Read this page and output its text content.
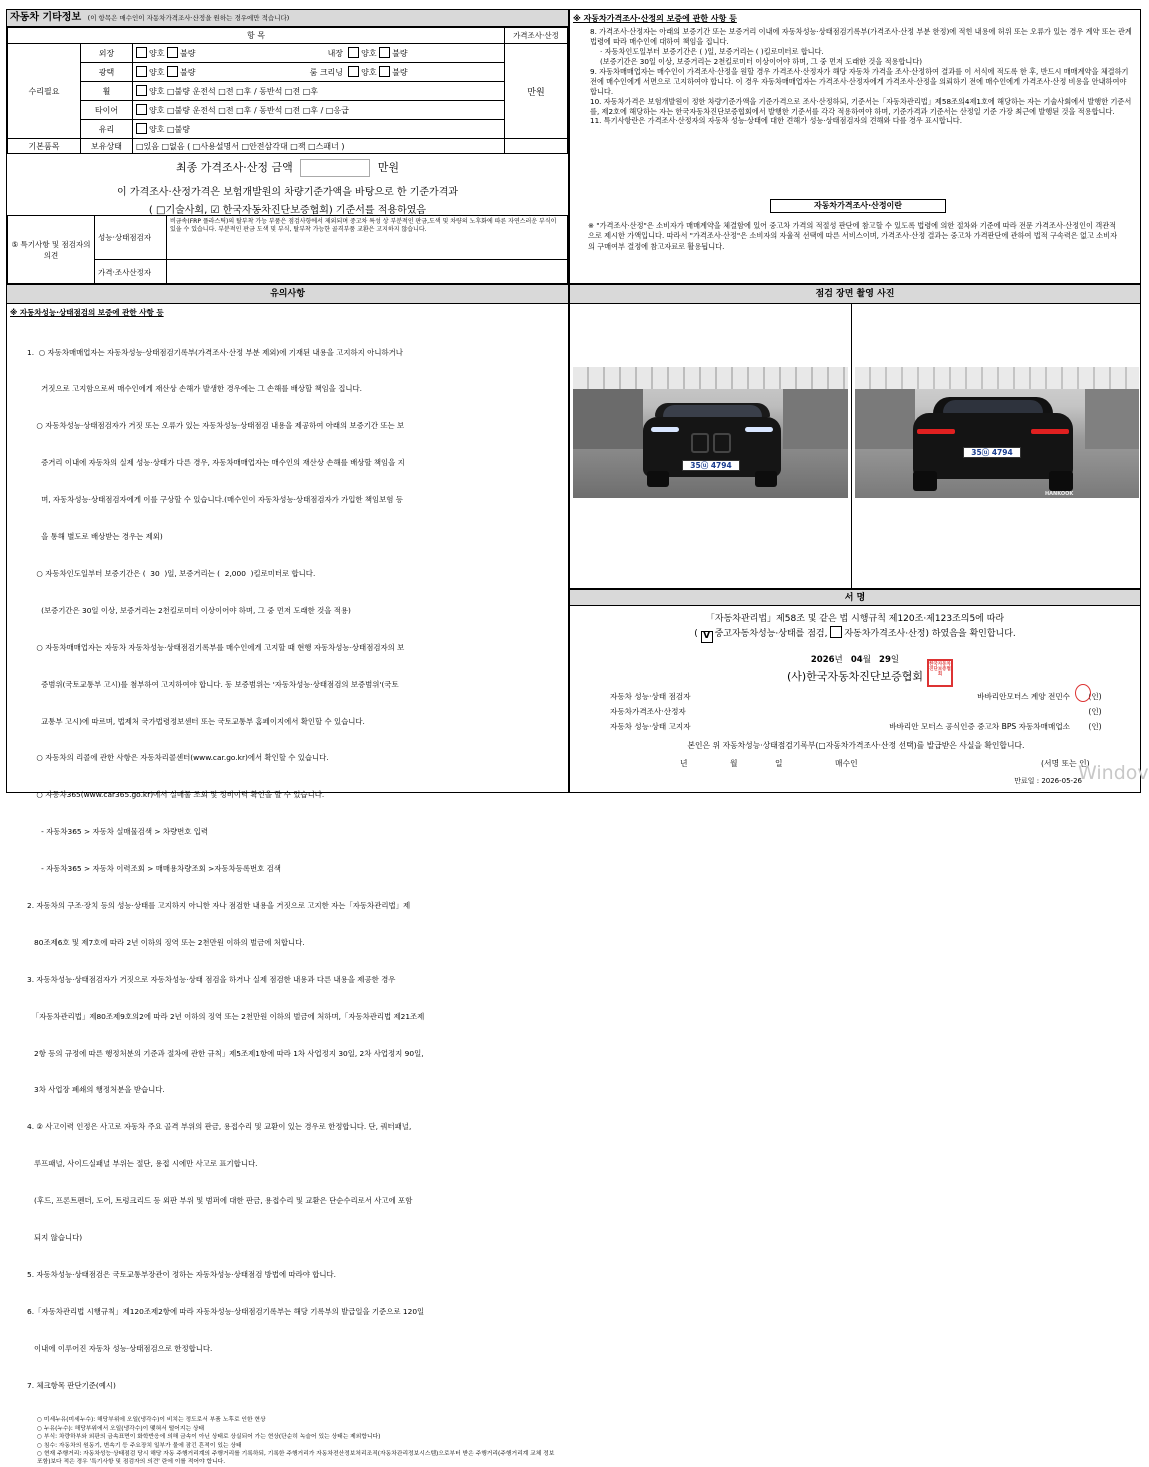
자동차 기타정보 (이 항목은 매수인이 자동차가격조사·산정을 원하는 경우에만 적습니다)
항 목			가격조사·산정
수리필요	외장	양호 불량 내장 양호 불량	만원
	광택	양호 불량 룸 크리닝 양호 불량	
	휠	양호 □불량 운전석 □전 □후 / 동반석 □전 □후	
	타이어	양호 □불량 운전석 □전 □후 / 동반석 □전 □후 / □응급	
	유리	양호 □불량	
기본품목	보유상태	□있음 □없음 ( □사용설명서 □안전삼각대 □잭 □스패너 )	
최종 가격조사·산정 금액	만원
이 가격조사·산정가격은 보험개발원의 차량기준가액을 바탕으로 한 기준가격과
( □기술사회, ☑ 한국자동차진단보증협회) 기준서를 적용하였음
⑤ 특기사항 및 점검자의 의견	성능·상태점검자	비금속(FRP 플라스틱)의 탈부착 가능 부품은 점검사항에서 제외되며 중고차 특성 상 부분적인 판금,도색 및 차량의 노후화에 따른 자연스러운 부식이 있을 수 있습니다. 부분적인 판금 도색 및 부식, 탈부착 가능한 골격부품 교환은 고지하지 않습니다.
	가격·조사산정자	
※ 자동차가격조사·산정의 보증에 관한 사항 등
8. 가격조사·산정자는 아래의 보증기간 또는 보증거리 이내에 자동차성능·상태점검기록부(가격조사·산정 부분 한정)에 적힌 내용에 허위 또는 오류가 있는 경우 계약 또는 관계법령에 따라 매수인에 대하여 책임을 집니다.
· 자동차인도일부터 보증기간은 ( )일, 보증거리는 ( )킬로미터로 합니다.
(보증기간은 30일 이상, 보증거리는 2천킬로미터 이상이어야 하며, 그 중 먼저 도래한 것을 적용합니다)
9. 자동차매매업자는 매수인이 가격조사·산정을 원할 경우 가격조사·산정자가 해당 자동차 가격을 조사·산정하여 결과를 이 서식에 적도록 한 후, 반드시 매매계약을 체결하기 전에 매수인에게 서면으로 고지하여야 합니다. 이 경우 자동차매매업자는 가격조사·산정자에게 가격조사·산정을 의뢰하기 전에 매수인에게 가격조사·산정 비용을 안내하여야 합니다.
10. 자동차가격은 보험개발원이 정한 차량기준가액을 기준가격으로 조사·산정하되, 기준서는「자동차관리법」제58조의4제1호에 해당하는 자는 기술사회에서 발행한 기준서를, 제2호에 해당하는 자는 한국자동차진단보증협회에서 발행한 기준서를 각각 적용하여야 하며, 기준가격과 기준서는 산정일 기준 가장 최근에 발행된 것을 적용합니다.
11. 특기사항란은 가격조사·산정자의 자동차 성능·상태에 대한 견해가 성능·상태점검자의 견해와 다를 경우 표시합니다.
자동차가격조사·산정이란
※ "가격조사·산정"은 소비자가 매매계약을 체결함에 있어 중고차 가격의 적절성 판단에 참고할 수 있도록 법령에 의한 절차와 기준에 따라 전문 가격조사·산정인이 객관적으로 제시한 가액입니다. 따라서 "가격조사·산정"은 소비자의 자율적 선택에 따른 서비스이며, 가격조사·산정 결과는 중고차 가격판단에 관하여 법적 구속력은 없고 소비자의 구매여부 결정에 참고자료로 활용됩니다.
유의사항
※ 자동차성능·상태점검의 보증에 관한 사항 등

1.  ○ 자동차매매업자는 자동차성능·상태점검기록부(가격조사·산정 부분 제외)에 기재된 내용을 고지하지 아니하거나

거짓으로 고지함으로써 매수인에게 재산상 손해가 발생한 경우에는 그 손해를 배상할 책임을 집니다.

○ 자동차성능·상태점검자가 거짓 또는 오류가 있는 자동차성능·상태점검 내용을 제공하여 아래의 보증기간 또는 보

증거리 이내에 자동차의 실제 성능·상태가 다른 경우, 자동차매매업자는 매수인의 재산상 손해를 배상할 책임을 지

며, 자동차성능·상태점검자에게 이를 구상할 수 있습니다.(매수인이 자동차성능·상태점검자가 가입한 책임보험 등

을 통해 별도로 배상받는 경우는 제외)

○ 자동차인도일부터 보증기간은 (  30  )일, 보증거리는 (  2,000  )킬로미터로 합니다.

(보증기간은 30일 이상, 보증거리는 2천킬로미터 이상이어야 하며, 그 중 먼저 도래한 것을 적용)

○ 자동차매매업자는 자동차 자동차성능·상태점검기록부를 매수인에게 고지할 때 현행 자동차성능·상태점검자의 보

증범위(국토교통부 고시)를 첨부하여 고지하여야 합니다. 동 보증범위는 '자동차성능·상태점검의 보증범위'(국토

교통부 고시)에 따르며, 법제처 국가법령정보센터 또는 국토교통부 홈페이지에서 확인할 수 있습니다.

○ 자동차의 리콜에 관한 사항은 자동차리콜센터(www.car.go.kr)에서 확인할 수 있습니다.

○ 자동차365(www.car365.go.kr)에서 실매물 조회 및 정비이력 확인을 할 수 있습니다.

- 자동차365 > 자동차 실매물검색 > 차량번호 입력

- 자동차365 > 자동차 이력조회 > 매매용차량조회 >자동차등록번호 검색

2. 자동차의 구조·장치 등의 성능·상태를 고지하지 아니한 자나 점검한 내용을 거짓으로 고지한 자는「자동차관리법」제

80조제6호 및 제7호에 따라 2년 이하의 징역 또는 2천만원 이하의 벌금에 처합니다.

3. 자동차성능·상태점검자가 거짓으로 자동차성능·상태 점검을 하거나 실제 점검한 내용과 다른 내용을 제공한 경우

「자동차관리법」제80조제9호의2에 따라 2년 이하의 징역 또는 2천만원 이하의 벌금에 처하며,「자동차관리법 제21조제

2항 등의 규정에 따른 행정처분의 기준과 절차에 관한 규칙」제5조제1항에 따라 1차 사업정지 30일, 2차 사업정지 90일,

3차 사업장 폐쇄의 행정처분을 받습니다.

4. ② 사고이력 인정은 사고로 자동차 주요 골격 부위의 판금, 용접수리 및 교환이 있는 경우로 한정합니다. 단, 쿼터패널,

루프패널, 사이드실패널 부위는 절단, 용접 시에만 사고로 표기합니다.

(후드, 프론트펜더, 도어, 트렁크리드 등 외판 부위 및 범퍼에 대한 판금, 용접수리 및 교환은 단순수리로서 사고에 포함

되지 않습니다)

5. 자동차성능·상태점검은 국토교통부장관이 정하는 자동차성능·상태점검 방법에 따라야 합니다.

6.「자동차관리법 시행규칙」제120조제2항에 따라 자동차성능·상태점검기록부는 해당 기록부의 발급일을 기준으로 120일

이내에 이루어진 자동차 성능·상태점검으로 한정합니다.

7. 체크항목 판단기준(예시)

○ 미세누유(미세누수): 해당부위에 오일(냉각수)이 비치는 정도로서 부품 노후로 인한 현상
○ 누유(누수): 해당부위에서 오일(냉각수)이 맺혀서 떨어지는 상태
○ 부식: 차량하부와 외판의 금속표면이 화학반응에 의해 금속이 아닌 상태로 상실되어 가는 현상(단순히 녹슬어 있는 상태는 제외합니다)
○ 침수: 자동차의 원동기, 변속기 등 주요장치 일부가 물에 잠긴 흔적이 있는 상태
○ 현재 주행거리: 자동차성능·상태점검 당시 해당 자동 주행거리계의 주행거리를 기록하되, 기록한 주행거리가 자동차전산정보처리조직(자동차관리정보시스템)으로부터 받은 주행거리(주행거리계 교체 정보 포함)보다 적은 경우 '특기사항 및 점검자의 의견' 란에 이를 적어야 합니다.
점검 장면 촬영 사진
35ⓤ 4794
35ⓤ 4794
HANKOOK
서 명
「자동차관리법」제58조 및 같은 법 시행규칙 제120조·제123조의5에 따라
( V 중고자동차성능·상태를 점검, 자동차가격조사·산정) 하였음을 확인합니다.
2026년 04월 29일
(사)한국자동차진단보증협회
한국자동차진단보증협회
자동차 성능·상태 점검자	바바리안모터스 계양 전민수	(인)
자동차가격조사·산정자	(인)
자동차 성능·상태 고지자	바바리안 모터스 공식인증 중고차 BPS 자동차매매업소	(인)
본인은 위 자동차성능·상태점검기록부(□자동차가격조사·산정 선택)를 발급받은 사실을 확인합니다.
년	월	일	매수인	(서명 또는 인)
만료일 : 2026-05-26
Windov
